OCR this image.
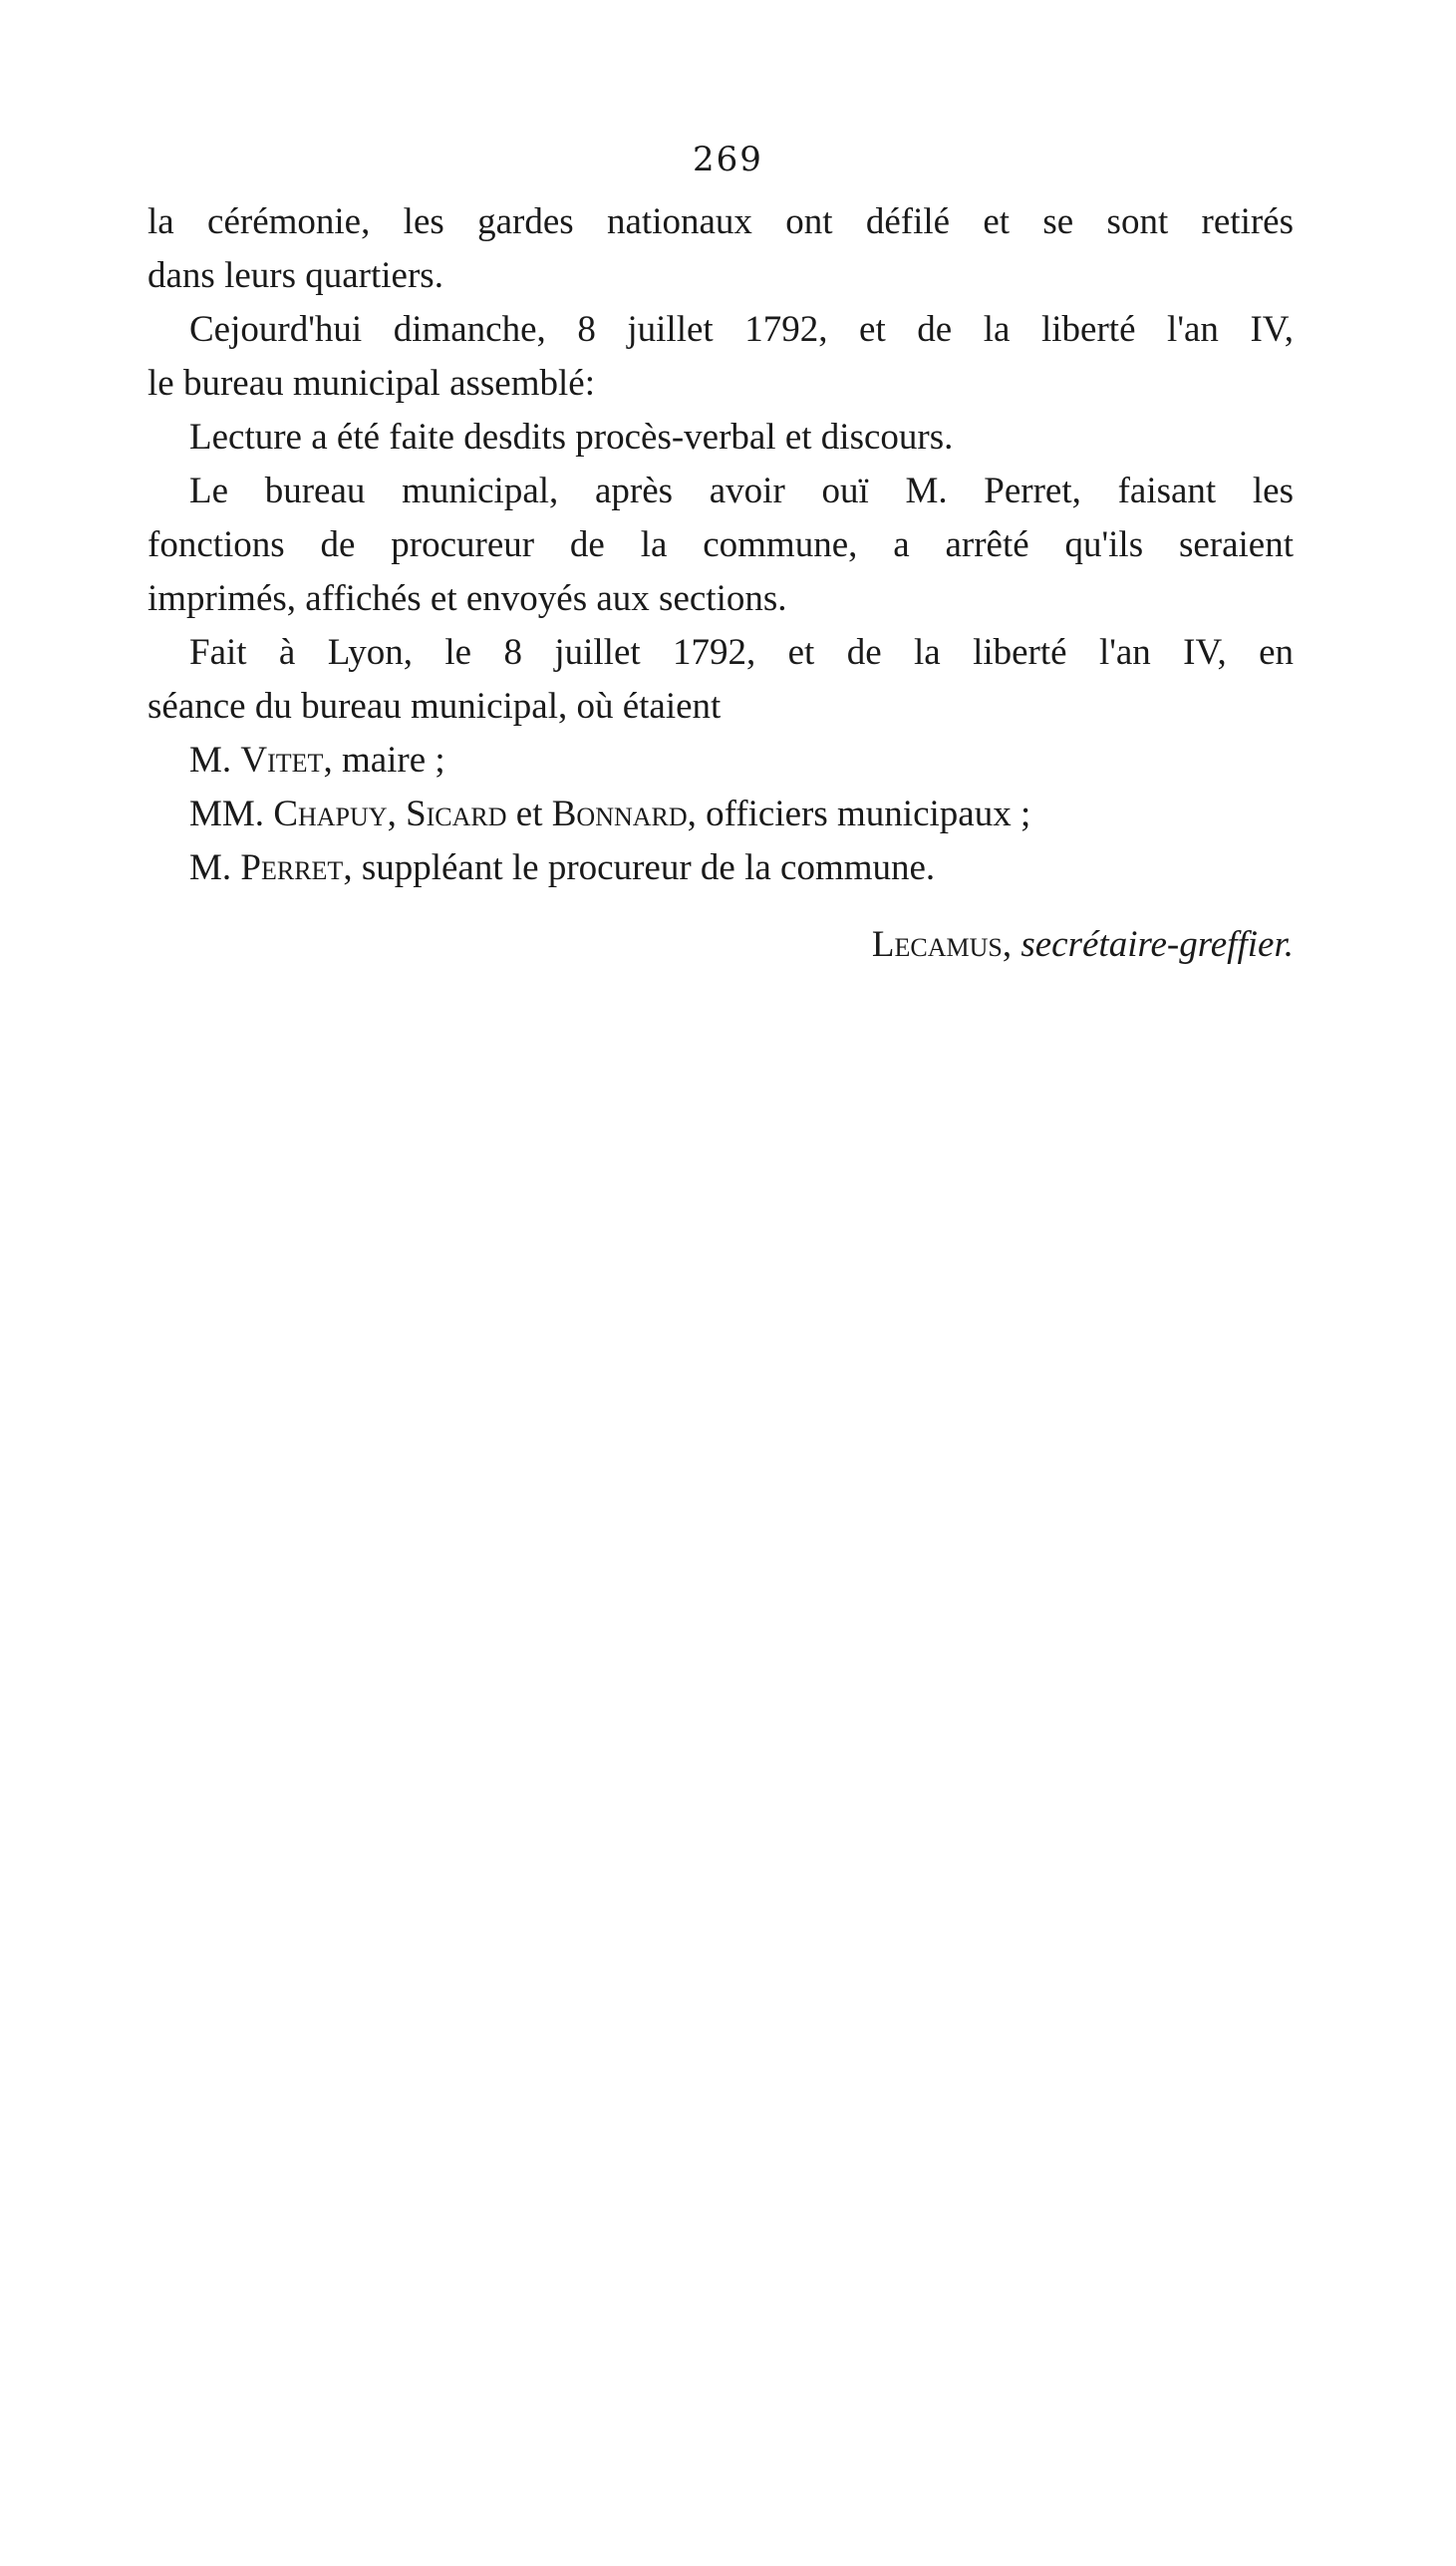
269
la cérémonie, les gardes nationaux ont défilé et se sont retirés
dans leurs quartiers.
Cejourd'hui dimanche, 8 juillet 1792, et de la liberté l'an IV,
le bureau municipal assemblé:
Lecture a été faite desdits procès-verbal et discours.
Le bureau municipal, après avoir ouï M. Perret, faisant les
fonctions de procureur de la commune, a arrêté qu'ils seraient
imprimés, affichés et envoyés aux sections.
Fait à Lyon, le 8 juillet 1792, et de la liberté l'an IV, en
séance du bureau municipal, où étaient
M. Vitet, maire ;
MM. Chapuy, Sicard et Bonnard, officiers municipaux ;
M. Perret, suppléant le procureur de la commune.
Lecamus, secrétaire-greffier.
